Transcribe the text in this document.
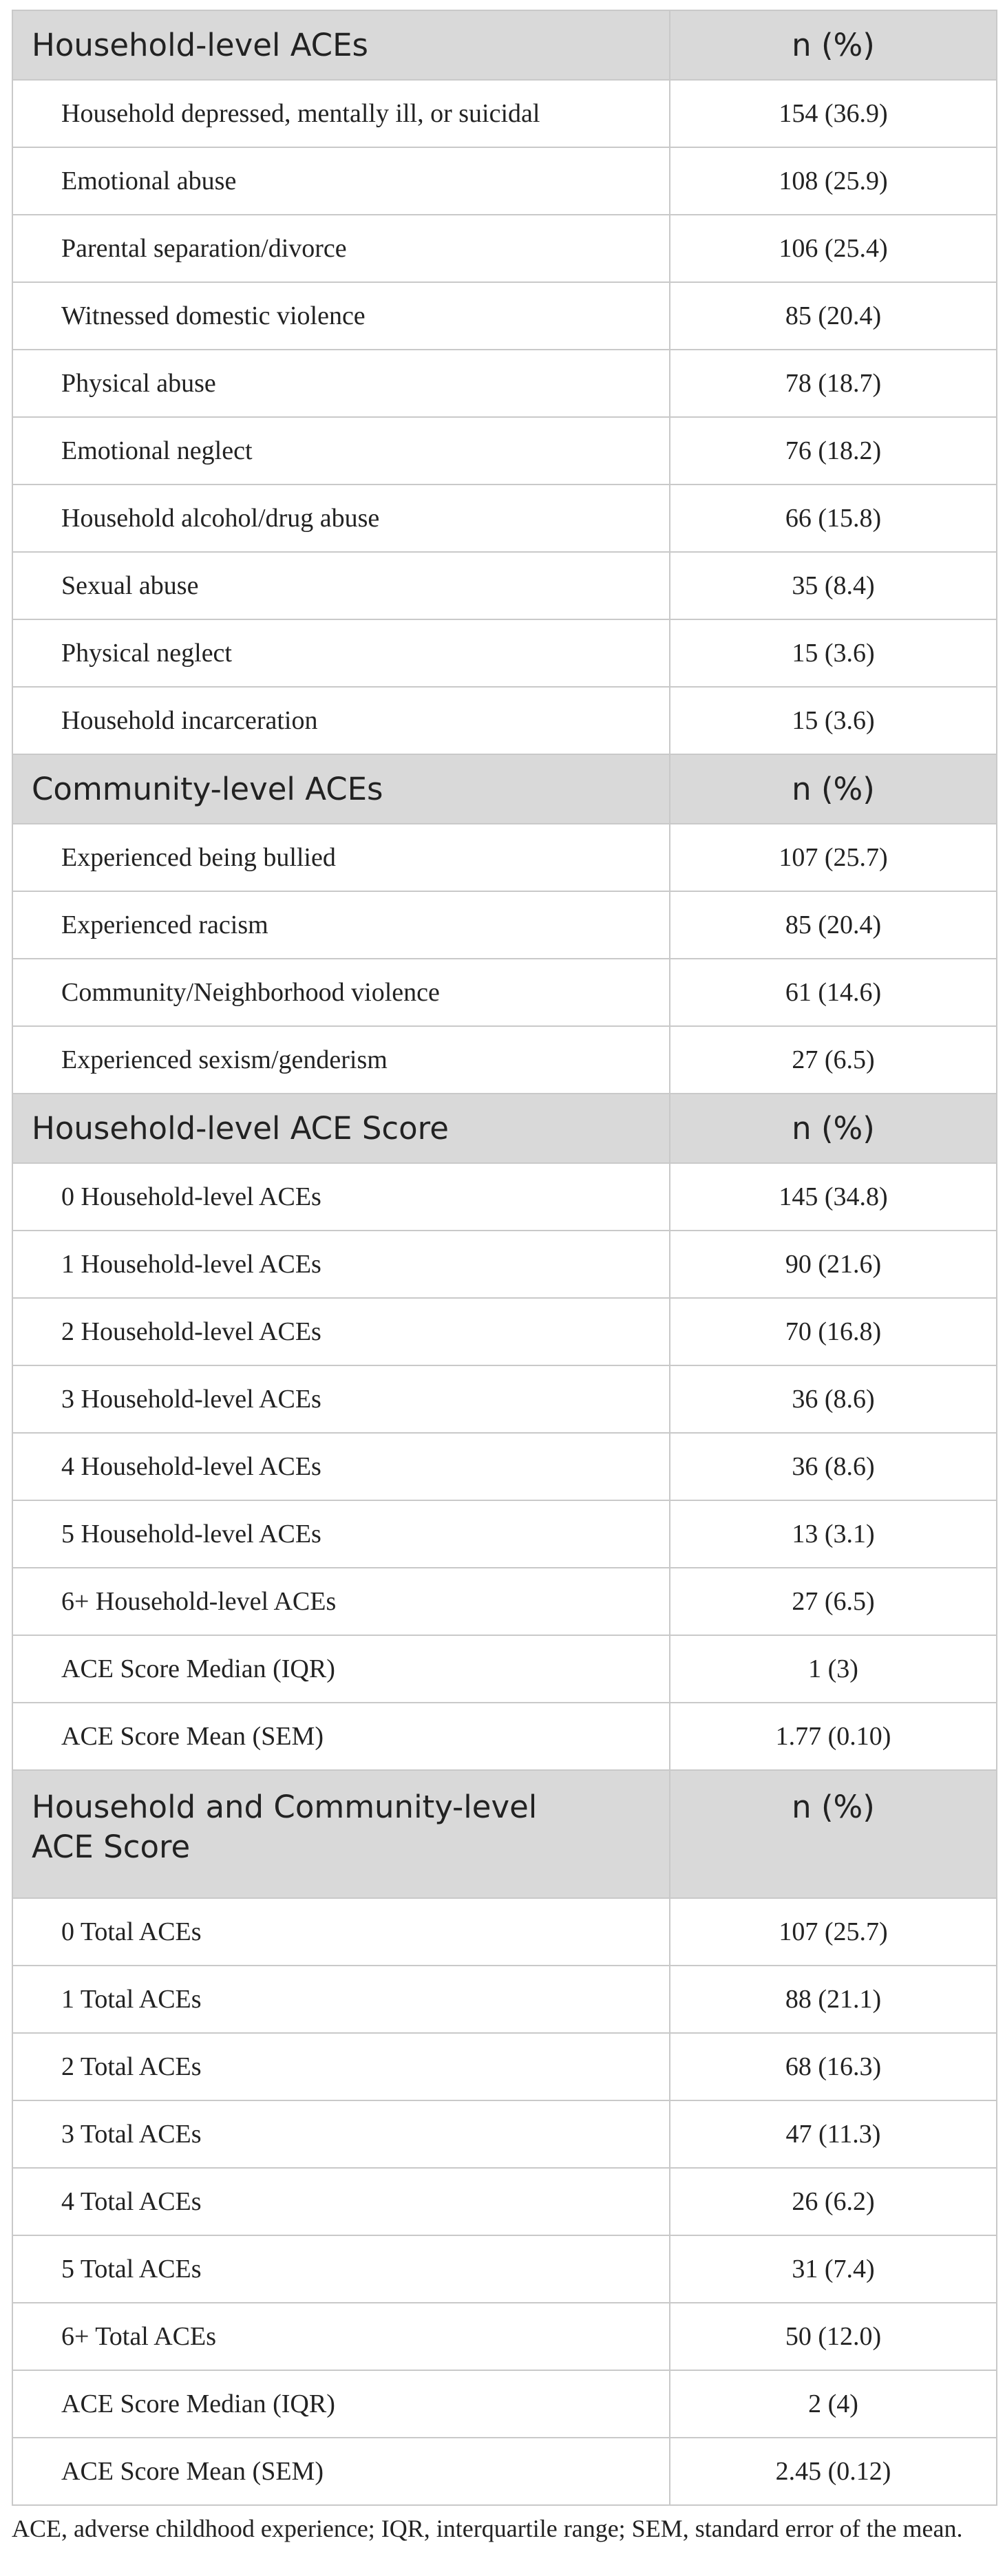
Household-level ACEs	n (%)
Household depressed, mentally ill, or suicidal	154 (36.9)
Emotional abuse	108 (25.9)
Parental separation/divorce	106 (25.4)
Witnessed domestic violence	85 (20.4)
Physical abuse	78 (18.7)
Emotional neglect	76 (18.2)
Household alcohol/drug abuse	66 (15.8)
Sexual abuse	35 (8.4)
Physical neglect	15 (3.6)
Household incarceration	15 (3.6)
Community-level ACEs	n (%)
Experienced being bullied	107 (25.7)
Experienced racism	85 (20.4)
Community/Neighborhood violence	61 (14.6)
Experienced sexism/genderism	27 (6.5)
Household-level ACE Score	n (%)
0 Household-level ACEs	145 (34.8)
1 Household-level ACEs	90 (21.6)
2 Household-level ACEs	70 (16.8)
3 Household-level ACEs	36 (8.6)
4 Household-level ACEs	36 (8.6)
5 Household-level ACEs	13 (3.1)
6+ Household-level ACEs	27 (6.5)
ACE Score Median (IQR)	1 (3)
ACE Score Mean (SEM)	1.77 (0.10)
Household and Community-level
ACE Score	n (%)
0 Total ACEs	107 (25.7)
1 Total ACEs	88 (21.1)
2 Total ACEs	68 (16.3)
3 Total ACEs	47 (11.3)
4 Total ACEs	26 (6.2)
5 Total ACEs	31 (7.4)
6+ Total ACEs	50 (12.0)
ACE Score Median (IQR)	2 (4)
ACE Score Mean (SEM)	2.45 (0.12)
ACE, adverse childhood experience; IQR, interquartile range; SEM, standard error of the mean.
